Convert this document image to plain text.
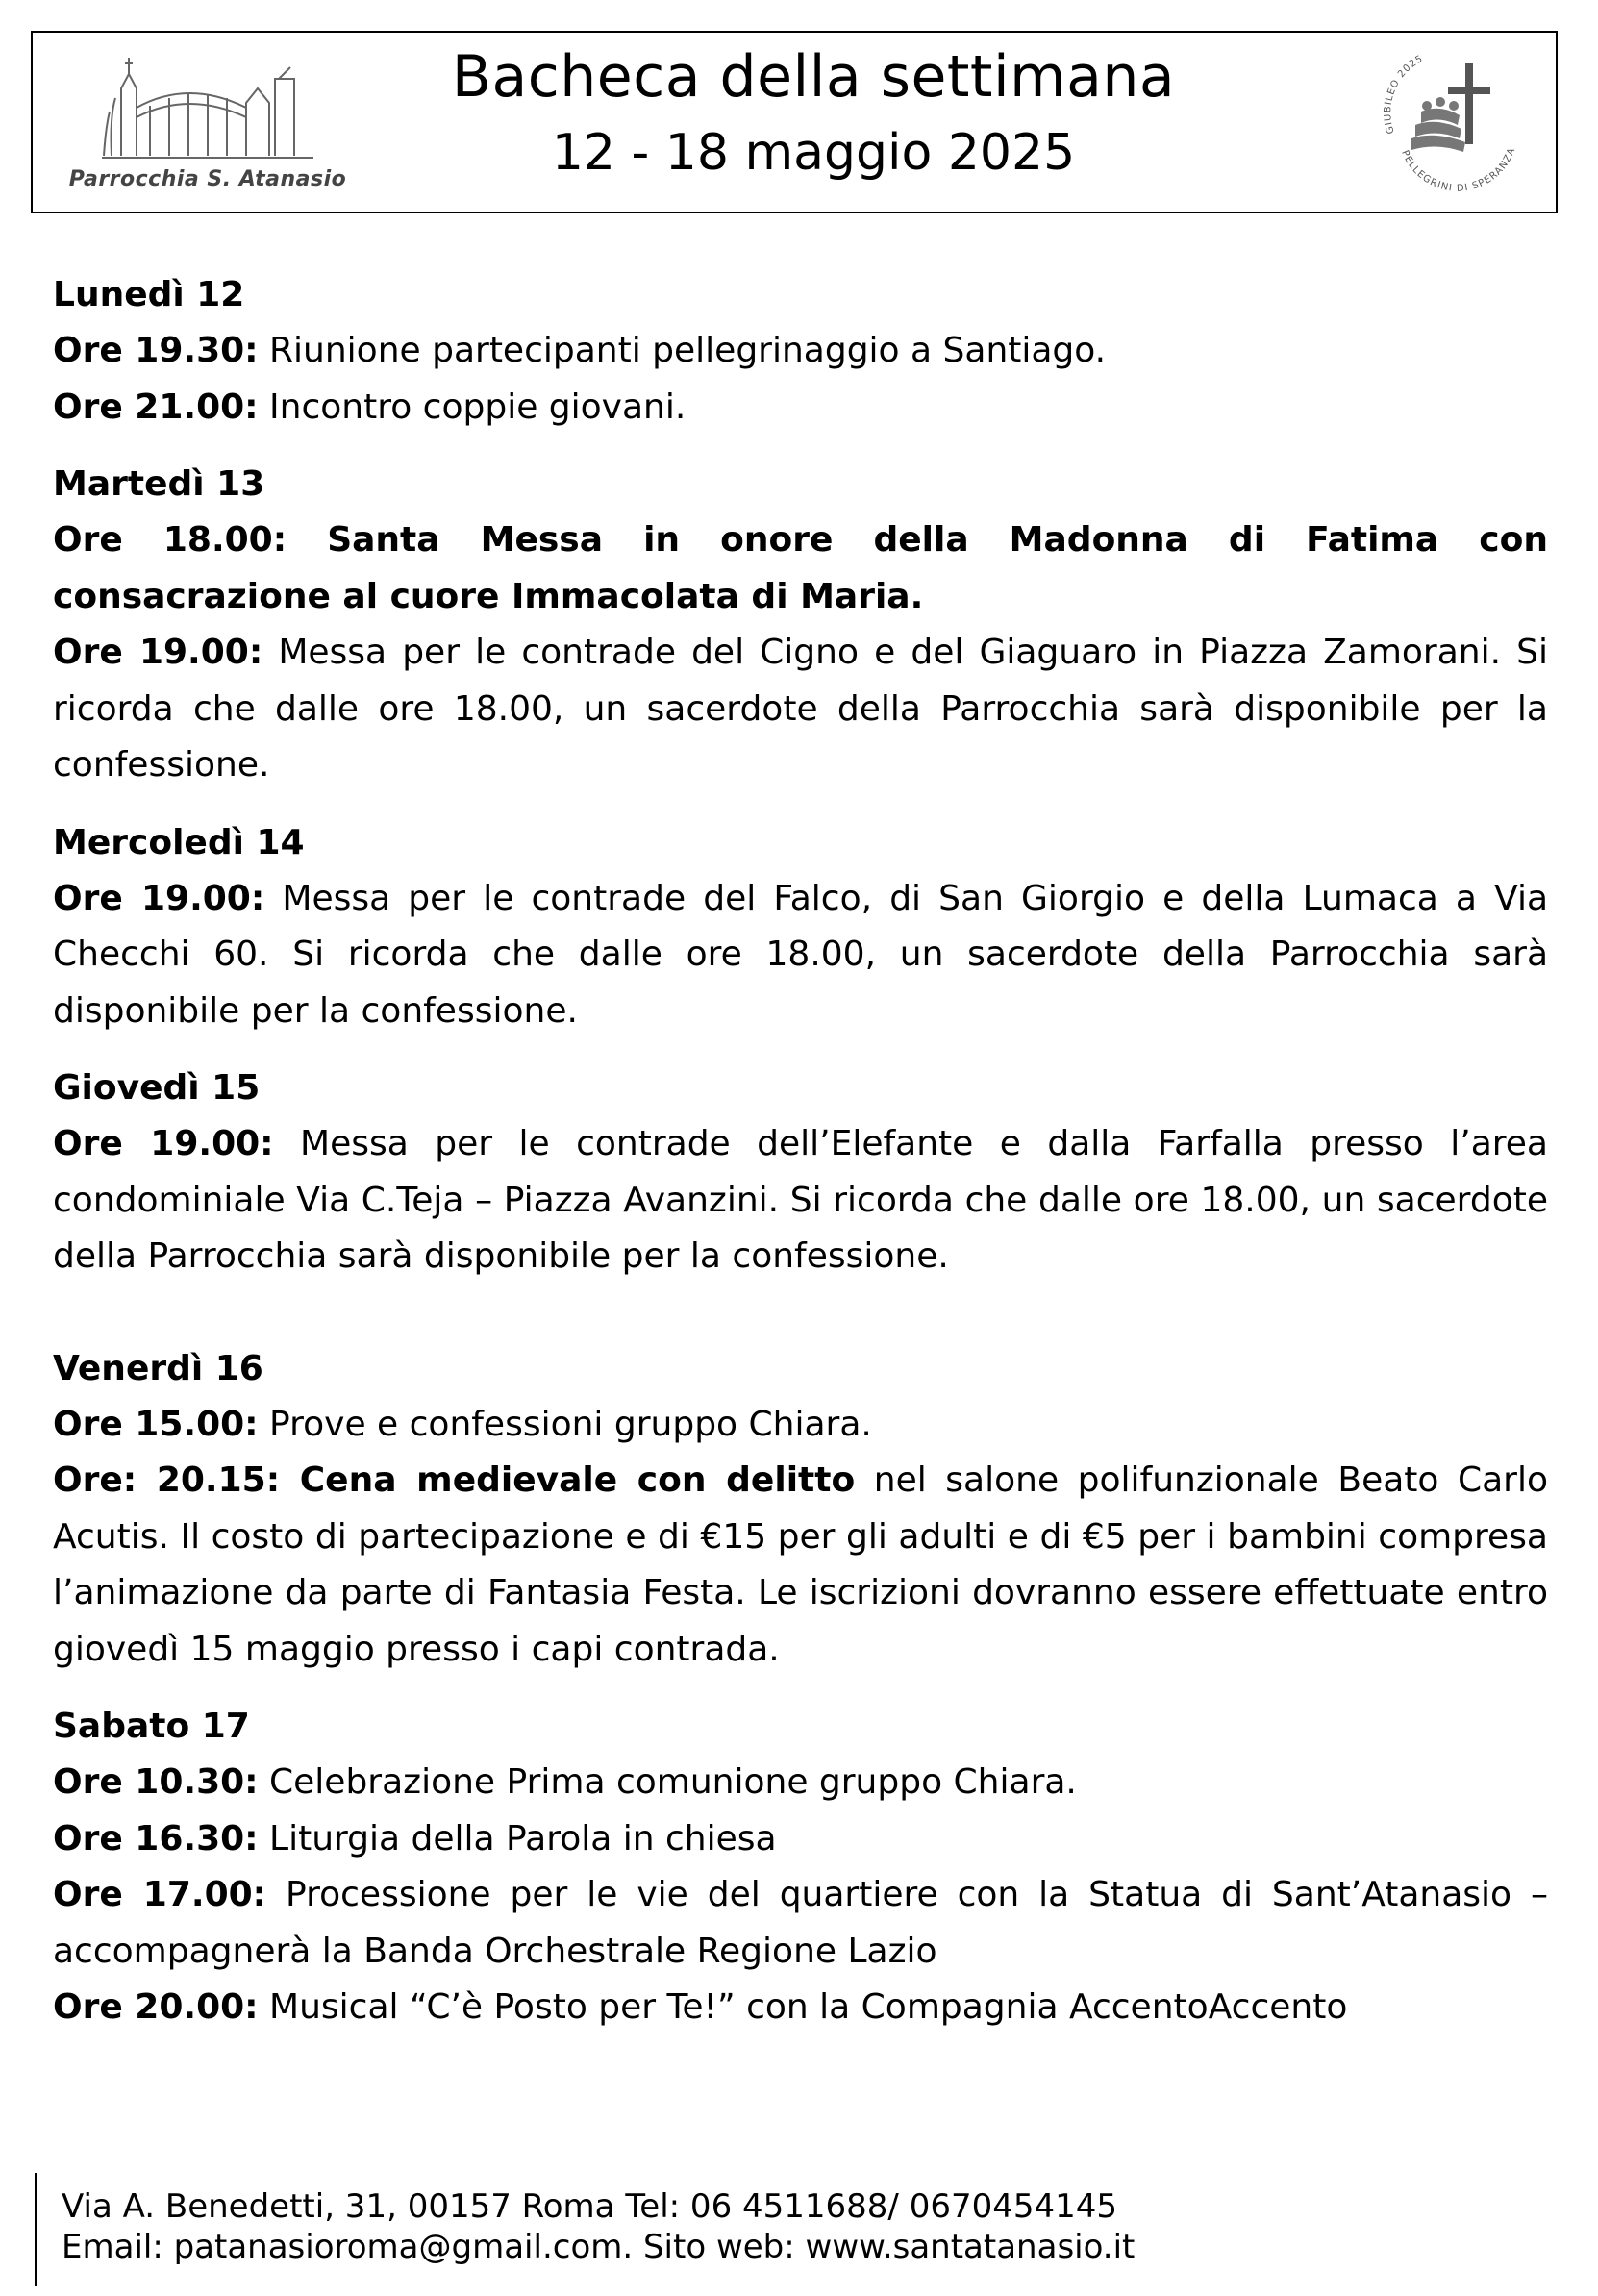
Parrocchia S. Atanasio
Bacheca della settimana
12 - 18 maggio 2025	GIUBILEO 2025
PELLEGRINI DI SPERANZA
Lunedì 12
Ore 19.30: Riunione partecipanti pellegrinaggio a Santiago.
Ore 21.00: Incontro coppie giovani.
Martedì 13
Ore 18.00: Santa Messa in onore della Madonna di Fatima con consacrazione al cuore Immacolata di Maria.
Ore 19.00: Messa per le contrade del Cigno e del Giaguaro in Piazza Zamorani. Si ricorda che dalle ore 18.00, un sacerdote della Parrocchia sarà disponibile per la confessione.
Mercoledì 14
Ore 19.00: Messa per le contrade del Falco, di San Giorgio e della Lumaca a Via Checchi 60. Si ricorda che dalle ore 18.00, un sacerdote della Parrocchia sarà disponibile per la confessione.
Giovedì 15
Ore 19.00: Messa per le contrade dell’Elefante e dalla Farfalla presso l’area condominiale Via C.Teja – Piazza Avanzini. Si ricorda che dalle ore 18.00, un sacerdote della Parrocchia sarà disponibile per la confessione.
Venerdì 16
Ore 15.00: Prove e confessioni gruppo Chiara.
Ore: 20.15: Cena medievale con delitto nel salone polifunzionale Beato Carlo Acutis. Il costo di partecipazione e di €15 per gli adulti e di €5 per i bambini compresa l’animazione da parte di Fantasia Festa. Le iscrizioni dovranno essere effettuate entro giovedì 15 maggio presso i capi contrada.
Sabato 17
Ore 10.30: Celebrazione Prima comunione gruppo Chiara.
Ore 16.30: Liturgia della Parola in chiesa
Ore 17.00: Processione per le vie del quartiere con la Statua di Sant’Atanasio – accompagnerà la Banda Orchestrale Regione Lazio
Ore 20.00: Musical “C’è Posto per Te!” con la Compagnia AccentoAccento
Via A. Benedetti, 31, 00157 Roma Tel: 06 4511688/ 0670454145
Email: patanasioroma@gmail.com. Sito web: www.santatanasio.it
